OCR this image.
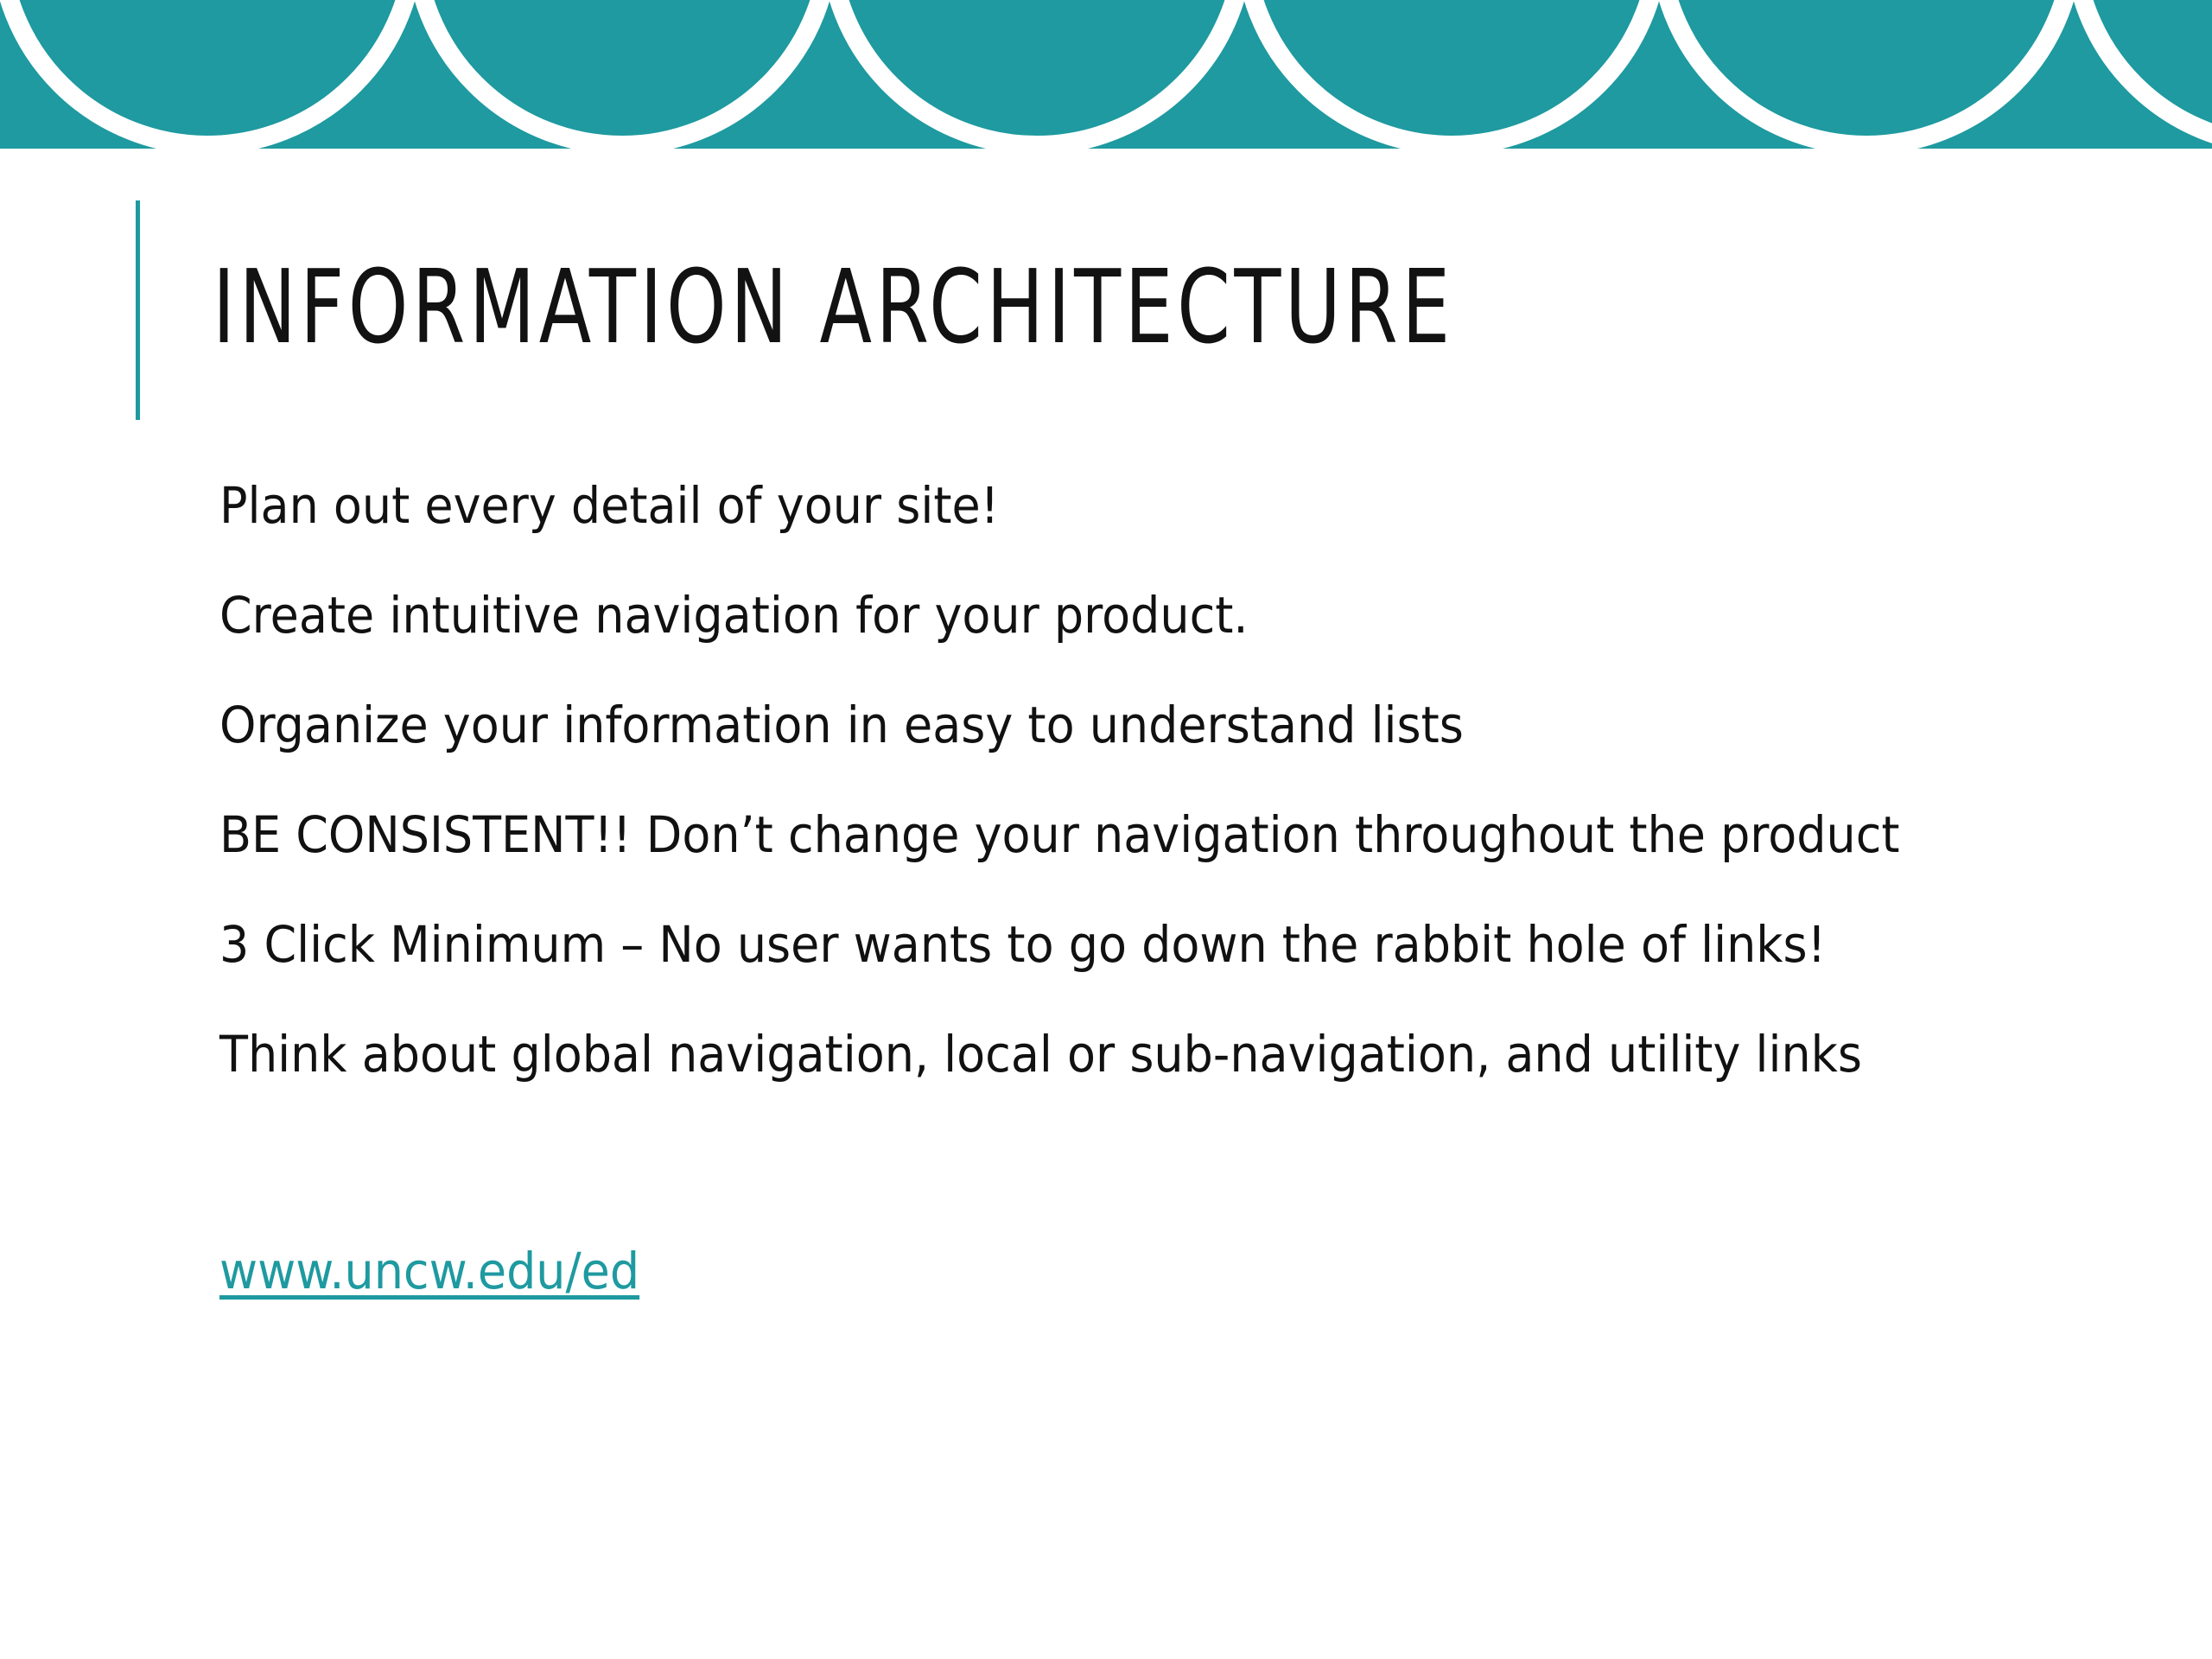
INFORMATION ARCHITECTURE
Plan out every detail of your site!
Create intuitive navigation for your product.
Organize your information in easy to understand lists
BE CONSISTENT!! Don’t change your navigation throughout the product
3 Click Minimum – No user wants to go down the rabbit hole of links!
Think about global navigation, local or sub-navigation, and utility links
www.uncw.edu/ed
